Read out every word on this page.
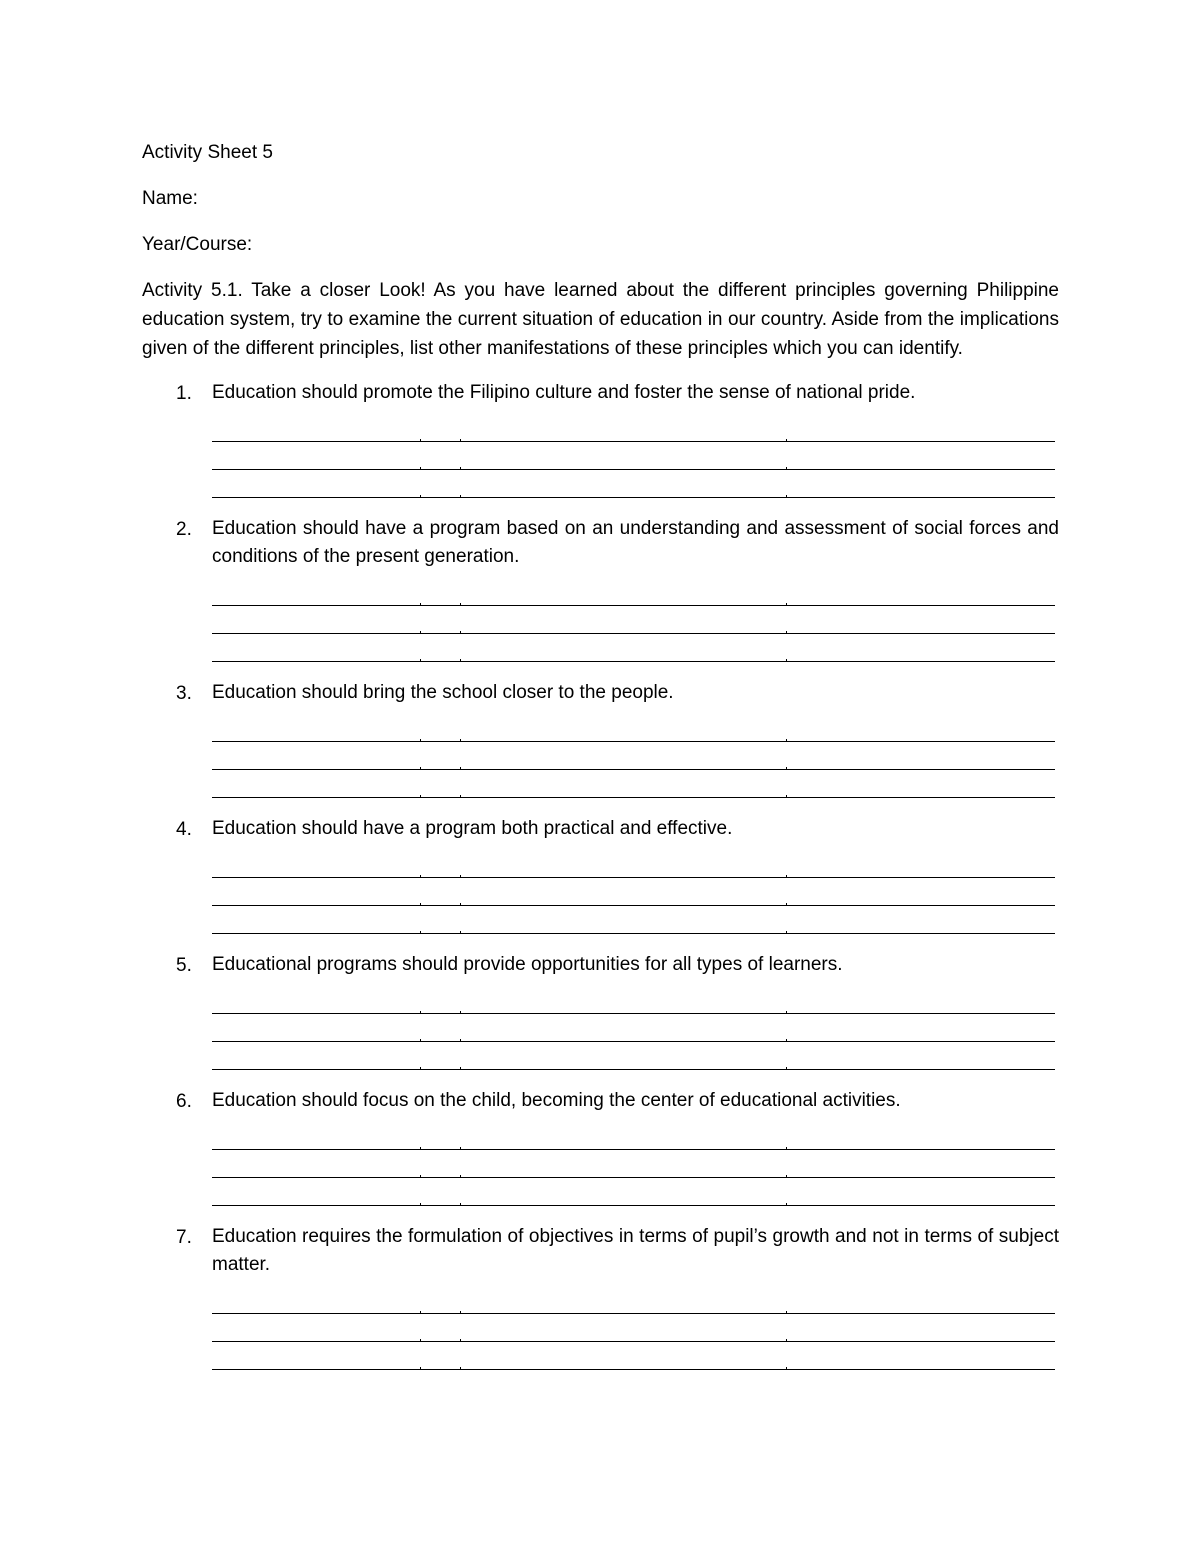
Activity Sheet 5

Name:

Year/Course:

Activity 5.1. Take a closer Look! As you have learned about the different principles governing Philippine education system, try to examine the current situation of education in our country. Aside from the implications given of the different principles, list other manifestations of these principles which you can identify.

1. Education should promote the Filipino culture and foster the sense of national pride.
2. Education should have a program based on an understanding and assessment of social forces and conditions of the present generation.
3. Education should bring the school closer to the people.
4. Education should have a program both practical and effective.
5. Educational programs should provide opportunities for all types of learners.
6. Education should focus on the child, becoming the center of educational activities.
7. Education requires the formulation of objectives in terms of pupil’s growth and not in terms of subject matter.
